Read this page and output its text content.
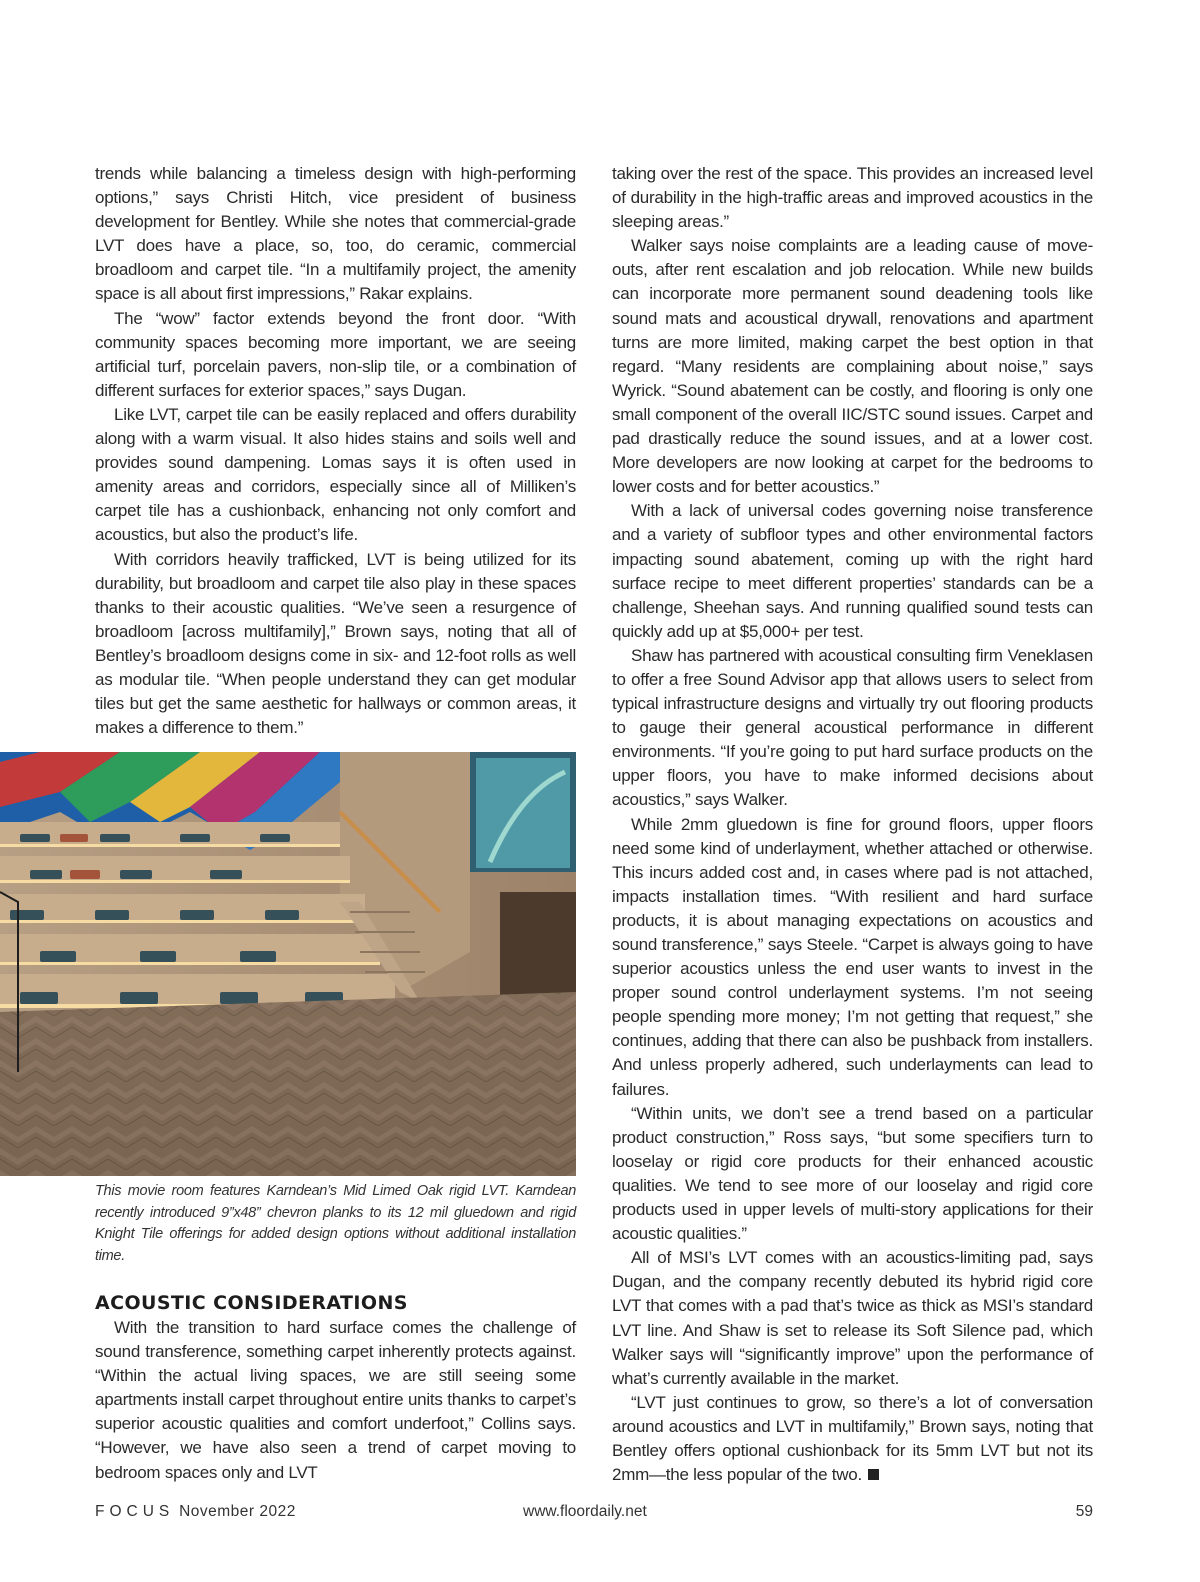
trends while balancing a timeless design with high-performing options,” says Christi Hitch, vice president of business development for Bentley. While she notes that commercial-grade LVT does have a place, so, too, do ceramic, commercial broadloom and carpet tile. “In a multifamily project, the amenity space is all about first impressions,” Rakar explains.

The “wow” factor extends beyond the front door. “With community spaces becoming more important, we are seeing artificial turf, porcelain pavers, non-slip tile, or a combination of different surfaces for exterior spaces,” says Dugan.

Like LVT, carpet tile can be easily replaced and offers durability along with a warm visual. It also hides stains and soils well and provides sound dampening. Lomas says it is often used in amenity areas and corridors, especially since all of Milliken’s carpet tile has a cushionback, enhancing not only comfort and acoustics, but also the product’s life.

With corridors heavily trafficked, LVT is being utilized for its durability, but broadloom and carpet tile also play in these spaces thanks to their acoustic qualities. “We’ve seen a resurgence of broadloom [across multifamily],” Brown says, noting that all of Bentley’s broadloom designs come in six- and 12-foot rolls as well as modular tile. “When people understand they can get modular tiles but get the same aesthetic for hallways or common areas, it makes a difference to them.”

This movie room features Karndean’s Mid Limed Oak rigid LVT. Karndean recently introduced 9”x48” chevron planks to its 12 mil gluedown and rigid Knight Tile offerings for added design options without additional installation time.
ACOUSTIC CONSIDERATIONS

With the transition to hard surface comes the challenge of sound transference, something carpet inherently protects against. “Within the actual living spaces, we are still seeing some apartments install carpet throughout entire units thanks to carpet’s superior acoustic qualities and comfort underfoot,” Collins says. “However, we have also seen a trend of carpet moving to bedroom spaces only and LVT

taking over the rest of the space. This provides an increased level of durability in the high-traffic areas and improved acoustics in the sleeping areas.”

Walker says noise complaints are a leading cause of move-outs, after rent escalation and job relocation. While new builds can incorporate more permanent sound deadening tools like sound mats and acoustical drywall, renovations and apartment turns are more limited, making carpet the best option in that regard. “Many residents are complaining about noise,” says Wyrick. “Sound abatement can be costly, and flooring is only one small component of the overall IIC/STC sound issues. Carpet and pad drastically reduce the sound issues, and at a lower cost. More developers are now looking at carpet for the bedrooms to lower costs and for better acoustics.”

With a lack of universal codes governing noise transference and a variety of subfloor types and other environmental factors impacting sound abatement, coming up with the right hard surface recipe to meet different properties’ standards can be a challenge, Sheehan says. And running qualified sound tests can quickly add up at $5,000+ per test.

Shaw has partnered with acoustical consulting firm Veneklasen to offer a free Sound Advisor app that allows users to select from typical infrastructure designs and virtually try out flooring products to gauge their general acoustical performance in different environments. “If you’re going to put hard surface products on the upper floors, you have to make informed decisions about acoustics,” says Walker.

While 2mm gluedown is fine for ground floors, upper floors need some kind of underlayment, whether attached or otherwise. This incurs added cost and, in cases where pad is not attached, impacts installation times. “With resilient and hard surface products, it is about managing expectations on acoustics and sound transference,” says Steele. “Carpet is always going to have superior acoustics unless the end user wants to invest in the proper sound control underlayment systems. I’m not seeing people spending more money; I’m not getting that request,” she continues, adding that there can also be pushback from installers. And unless properly adhered, such underlayments can lead to failures.

“Within units, we don’t see a trend based on a particular product construction,” Ross says, “but some specifiers turn to looselay or rigid core products for their enhanced acoustic qualities. We tend to see more of our looselay and rigid core products used in upper levels of multi-story applications for their acoustic qualities.”

All of MSI’s LVT comes with an acoustics-limiting pad, says Dugan, and the company recently debuted its hybrid rigid core LVT that comes with a pad that’s twice as thick as MSI’s standard LVT line. And Shaw is set to release its Soft Silence pad, which Walker says will “significantly improve” upon the performance of what’s currently available in the market.

“LVT just continues to grow, so there’s a lot of conversation around acoustics and LVT in multifamily,” Brown says, noting that Bentley offers optional cushionback for its 5mm LVT but not its 2mm—the less popular of the two.

FOCUS November 2022	www.floordaily.net	59
